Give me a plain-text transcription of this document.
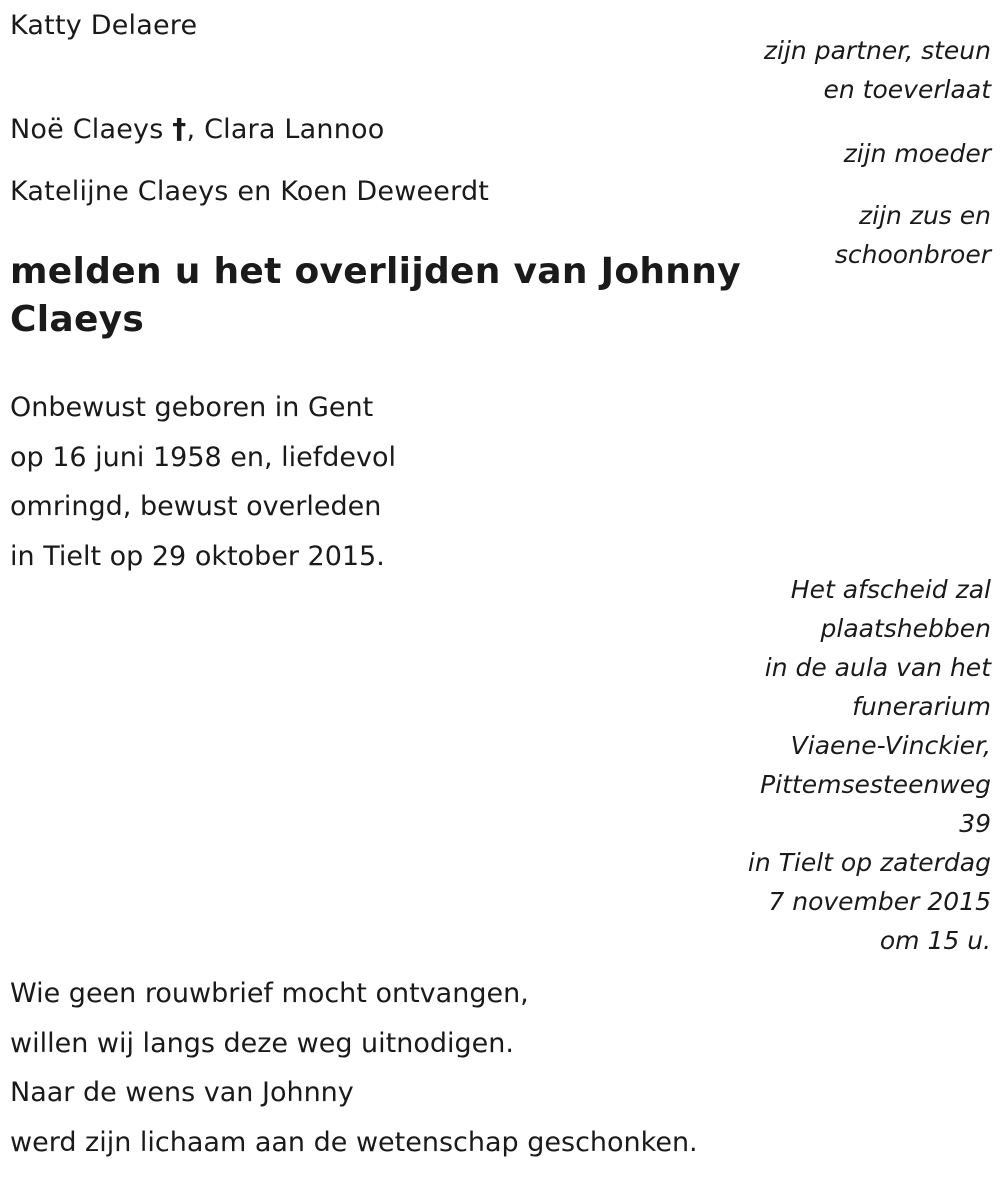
Katty Delaere
Noë Claeys †, Clara Lannoo
Katelijne Claeys en Koen Deweerdt
zijn partner, steun
en toeverlaat
zijn moeder
zijn zus en
schoonbroer
melden u het overlijden van Johnny
Claeys
Onbewust geboren in Gent
op 16 juni 1958 en, liefdevol
omringd, bewust overleden
in Tielt op 29 oktober 2015.
Het afscheid zal
plaatshebben
in de aula van het
funerarium
Viaene-Vinckier,
Pittemsesteenweg
39
in Tielt op zaterdag
7 november 2015
om 15 u.
Wie geen rouwbrief mocht ontvangen,
willen wij langs deze weg uitnodigen.
Naar de wens van Johnny
werd zijn lichaam aan de wetenschap geschonken.
